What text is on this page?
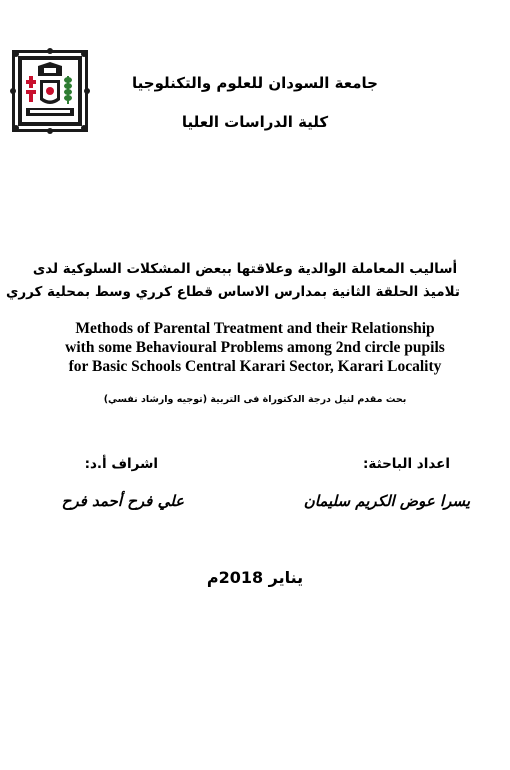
جامعة السودان للعلوم والتكنلوجيا
كلية الدراسات العليا
أساليب المعاملة الوالدية وعلاقتها ببعض المشكلات السلوكية لدى
تلاميذ الحلقة الثانية بمدارس الاساس قطاع كرري وسط بمحلية كرري
Methods of Parental Treatment and their Relationship
with some Behavioural Problems among 2nd circle pupils
for Basic Schools Central Karari Sector, Karari Locality
بحث مقدم لنيل درجة الدكتوراة فى التربية (توجيه وارشاد نفسي)
اعداد الباحثة:
اشراف أ.د:
يسرا عوض الكريم سليمان
علي فرح أحمد فرح
يناير 2018م
